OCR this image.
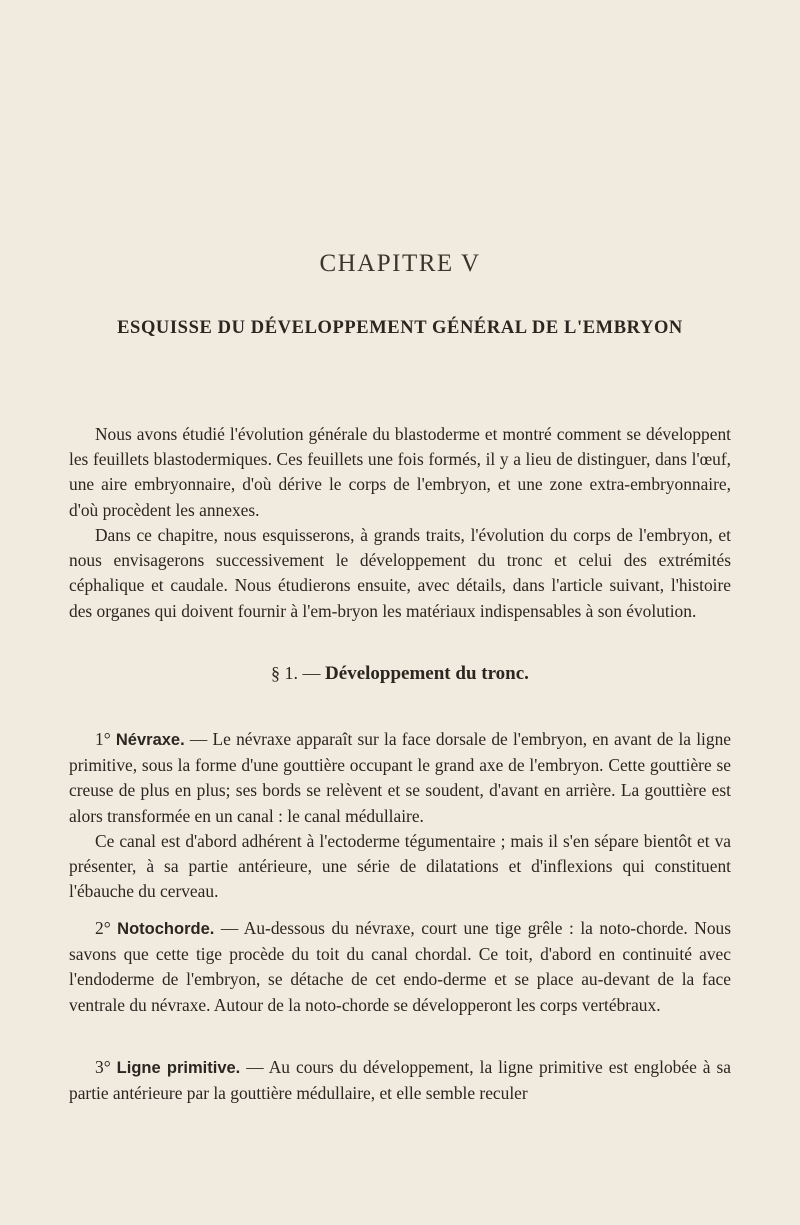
CHAPITRE V
ESQUISSE DU DÉVELOPPEMENT GÉNÉRAL DE L'EMBRYON

Nous avons étudié l'évolution générale du blastoderme et montré comment se développent les feuillets blastodermiques. Ces feuillets une fois formés, il y a lieu de distinguer, dans l'œuf, une aire embryonnaire, d'où dérive le corps de l'embryon, et une zone extra-embryonnaire, d'où procèdent les annexes.

Dans ce chapitre, nous esquisserons, à grands traits, l'évolution du corps de l'embryon, et nous envisagerons successivement le développement du tronc et celui des extrémités céphalique et caudale. Nous étudierons ensuite, avec détails, dans l'article suivant, l'histoire des organes qui doivent fournir à l'em-bryon les matériaux indispensables à son évolution.

§ 1. — Développement du tronc.

1° Névraxe. — Le névraxe apparaît sur la face dorsale de l'embryon, en avant de la ligne primitive, sous la forme d'une gouttière occupant le grand axe de l'embryon. Cette gouttière se creuse de plus en plus; ses bords se relèvent et se soudent, d'avant en arrière. La gouttière est alors transformée en un canal : le canal médullaire.

Ce canal est d'abord adhérent à l'ectoderme tégumentaire ; mais il s'en sépare bientôt et va présenter, à sa partie antérieure, une série de dilatations et d'inflexions qui constituent l'ébauche du cerveau.

2° Notochorde. — Au-dessous du névraxe, court une tige grêle : la noto-chorde. Nous savons que cette tige procède du toit du canal chordal. Ce toit, d'abord en continuité avec l'endoderme de l'embryon, se détache de cet endo-derme et se place au-devant de la face ventrale du névraxe. Autour de la noto-chorde se développeront les corps vertébraux.

3° Ligne primitive. — Au cours du développement, la ligne primitive est englobée à sa partie antérieure par la gouttière médullaire, et elle semble reculer
